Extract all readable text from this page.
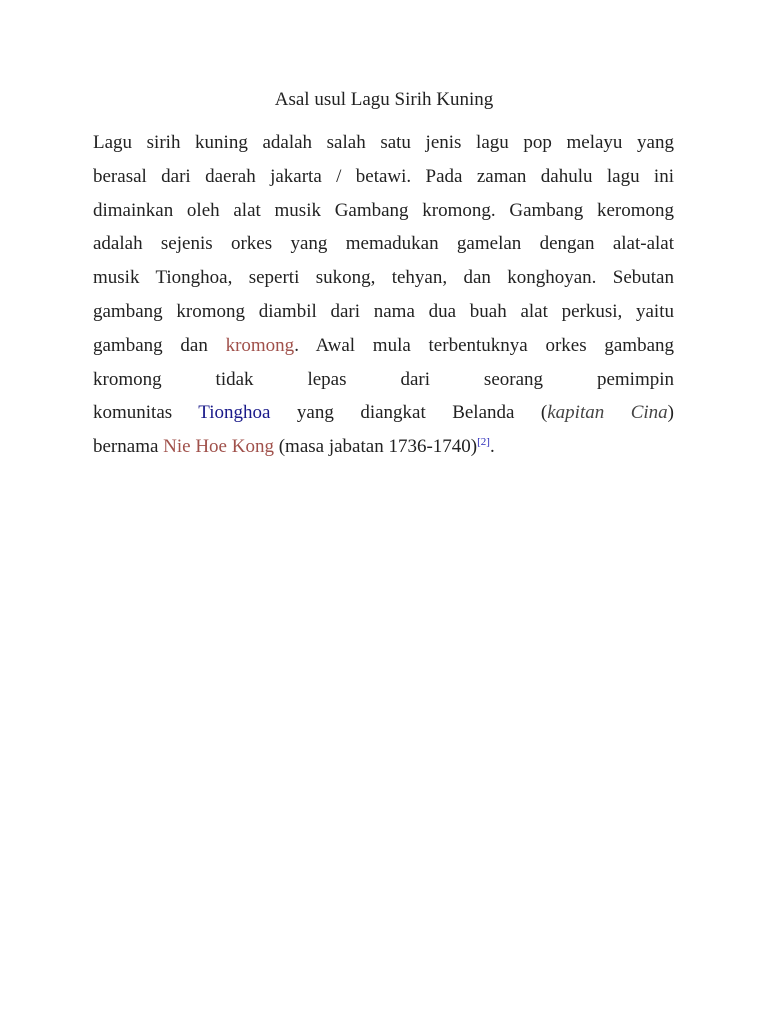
Asal usul Lagu Sirih Kuning
Lagu sirih kuning adalah salah satu jenis lagu pop melayu yang
berasal dari daerah jakarta / betawi. Pada zaman dahulu lagu ini
dimainkan oleh alat musik Gambang kromong. Gambang keromong
adalah sejenis orkes yang memadukan gamelan dengan alat-alat
musik Tionghoa, seperti sukong, tehyan, dan konghoyan. Sebutan
gambang kromong diambil dari nama dua buah alat perkusi, yaitu
gambang dan kromong. Awal mula terbentuknya orkes gambang
kromong tidak lepas dari seorang pemimpin
komunitas Tionghoa yang diangkat Belanda (kapitan Cina)
bernama Nie Hoe Kong (masa jabatan 1736-1740)[2].
